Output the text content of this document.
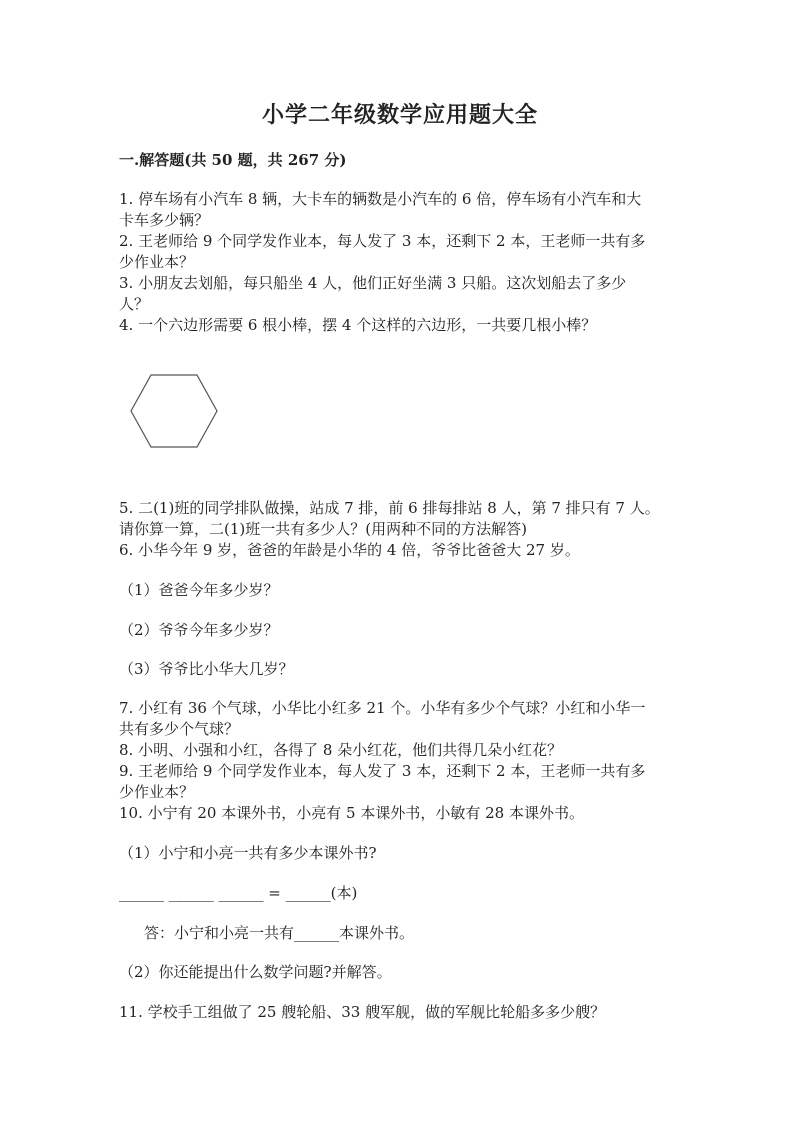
小学二年级数学应用题大全
一.解答题(共 50 题，共 267 分)
1. 停车场有小汽车 8 辆，大卡车的辆数是小汽车的 6 倍，停车场有小汽车和大
卡车多少辆？
2. 王老师给 9 个同学发作业本，每人发了 3 本，还剩下 2 本，王老师一共有多
少作业本？
3. 小朋友去划船，每只船坐 4 人，他们正好坐满 3 只船。这次划船去了多少
人？
4. 一个六边形需要 6 根小棒，摆 4 个这样的六边形，一共要几根小棒？
5. 二(1)班的同学排队做操，站成 7 排，前 6 排每排站 8 人，第 7 排只有 7 人。
请你算一算，二(1)班一共有多少人？(用两种不同的方法解答)
6. 小华今年 9 岁，爸爸的年龄是小华的 4 倍，爷爷比爸爸大 27 岁。
（1）爸爸今年多少岁？
（2）爷爷今年多少岁？
（3）爷爷比小华大几岁？
7. 小红有 36 个气球，小华比小红多 21 个。小华有多少个气球？小红和小华一
共有多少个气球？
8. 小明、小强和小红，各得了 8 朵小红花，他们共得几朵小红花？
9. 王老师给 9 个同学发作业本，每人发了 3 本，还剩下 2 本，王老师一共有多
少作业本？
10. 小宁有 20 本课外书，小亮有 5 本课外书，小敏有 28 本课外书。
（1）小宁和小亮一共有多少本课外书?
______ ______ ______ = ______(本)
答：小宁和小亮一共有______本课外书。
（2）你还能提出什么数学问题?并解答。
11. 学校手工组做了 25 艘轮船、33 艘军舰，做的军舰比轮船多多少艘？
